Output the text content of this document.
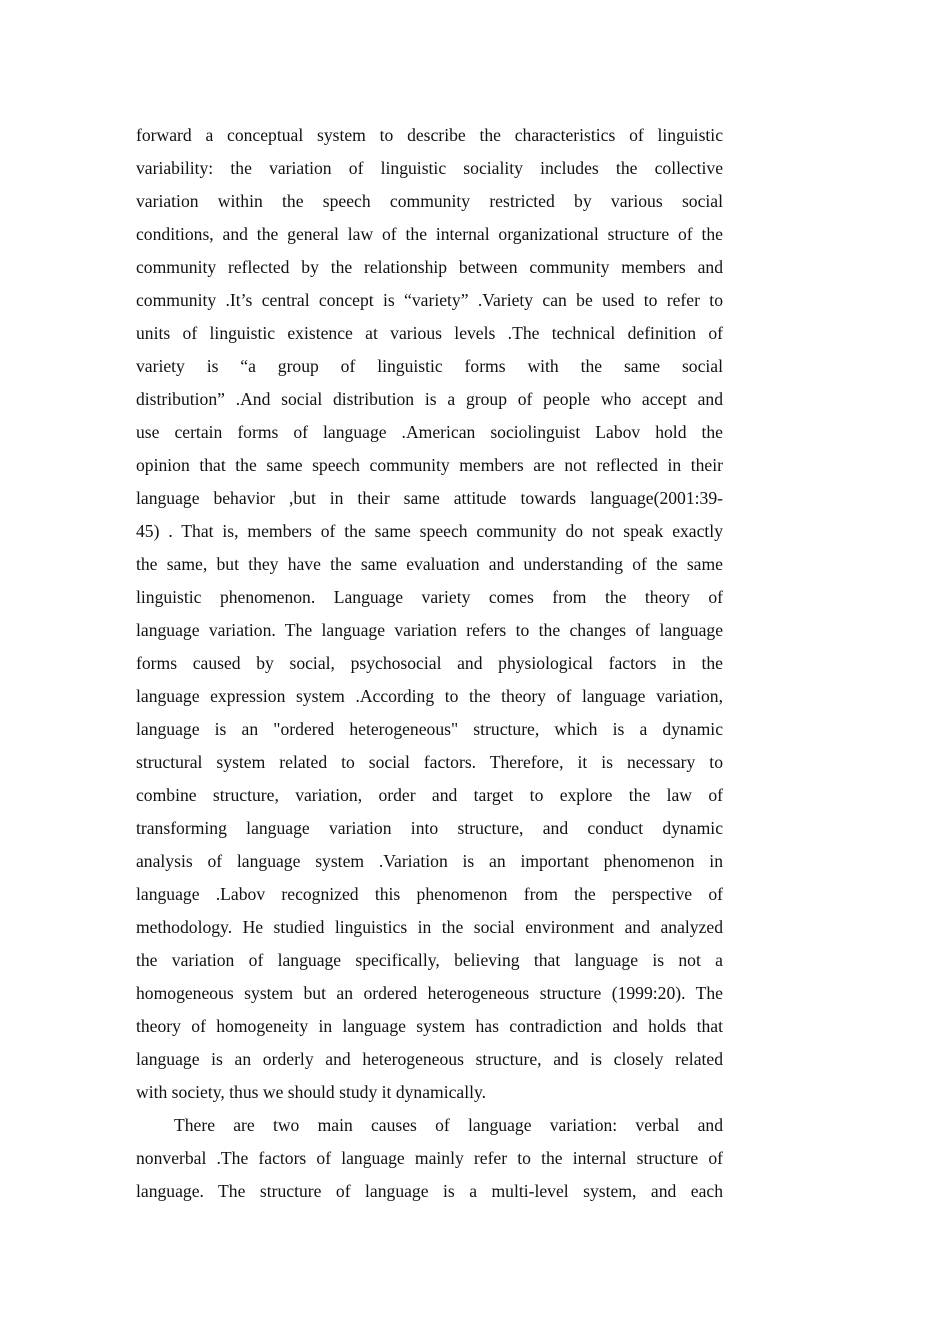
forward a conceptual system to describe the characteristics of linguistic
variability: the variation of linguistic sociality includes the collective
variation within the speech community restricted by various social
conditions, and the general law of the internal organizational structure of the
community reflected by the relationship between community members and
community .It’s central concept is “variety” .Variety can be used to refer to
units of linguistic existence at various levels .The technical definition of
variety is “a group of linguistic forms with the same social
distribution” .And social distribution is a group of people who accept and
use certain forms of language .American sociolinguist Labov hold the
opinion that the same speech community members are not reflected in their
language behavior ,but in their same attitude towards language(2001:39-
45) . That is, members of the same speech community do not speak exactly
the same, but they have the same evaluation and understanding of the same
linguistic phenomenon. Language variety comes from the theory of
language variation. The language variation refers to the changes of language
forms caused by social, psychosocial and physiological factors in the
language expression system .According to the theory of language variation,
language is an "ordered heterogeneous" structure, which is a dynamic
structural system related to social factors. Therefore, it is necessary to
combine structure, variation, order and target to explore the law of
transforming language variation into structure, and conduct dynamic
analysis of language system .Variation is an important phenomenon in
language .Labov recognized this phenomenon from the perspective of
methodology. He studied linguistics in the social environment and analyzed
the variation of language specifically, believing that language is not a
homogeneous system but an ordered heterogeneous structure (1999:20). The
theory of homogeneity in language system has contradiction and holds that
language is an orderly and heterogeneous structure, and is closely related
with society, thus we should study it dynamically.
There are two main causes of language variation: verbal and
nonverbal .The factors of language mainly refer to the internal structure of
language. The structure of language is a multi-level system, and each
